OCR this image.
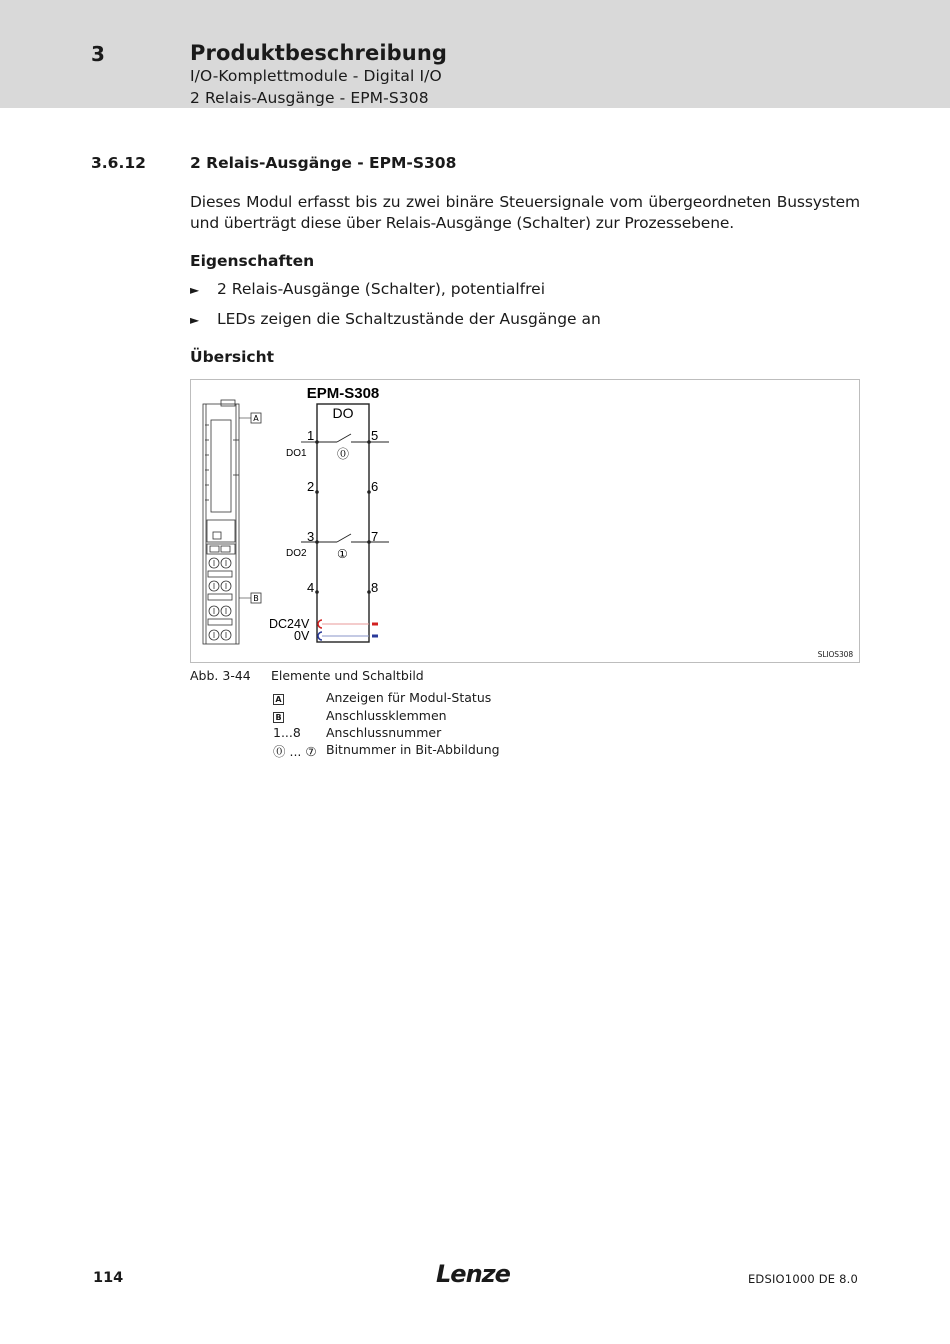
3	Produktbeschreibung
I/O-Komplettmodule - Digital I/O
2 Relais-Ausgänge - EPM-S308
3.6.12	2 Relais-Ausgänge - EPM-S308
Dieses Modul erfasst bis zu zwei binäre Steuersignale vom übergeordneten Bussystem und überträgt diese über Relais-Ausgänge (Schalter) zur Prozessebene.
Eigenschaften
► 2 Relais-Ausgänge (Schalter), potentialfrei
► LEDs zeigen die Schaltzustände der Ausgänge an
Übersicht
A
B
EPM-S308
DO
1	5
2	6
DO1	⓪
3	7
4	8
DO2	①
DC24V
0V
SLIOS308
Abb. 3-44 Elemente und Schaltbild
A	Anzeigen für Modul-Status
B	Anschlussklemmen
1...8 Anschlussnummer
⓪ ... ⑦ Bitnummer in Bit-Abbildung
114	Lenze	EDSIO1000 DE 8.0
